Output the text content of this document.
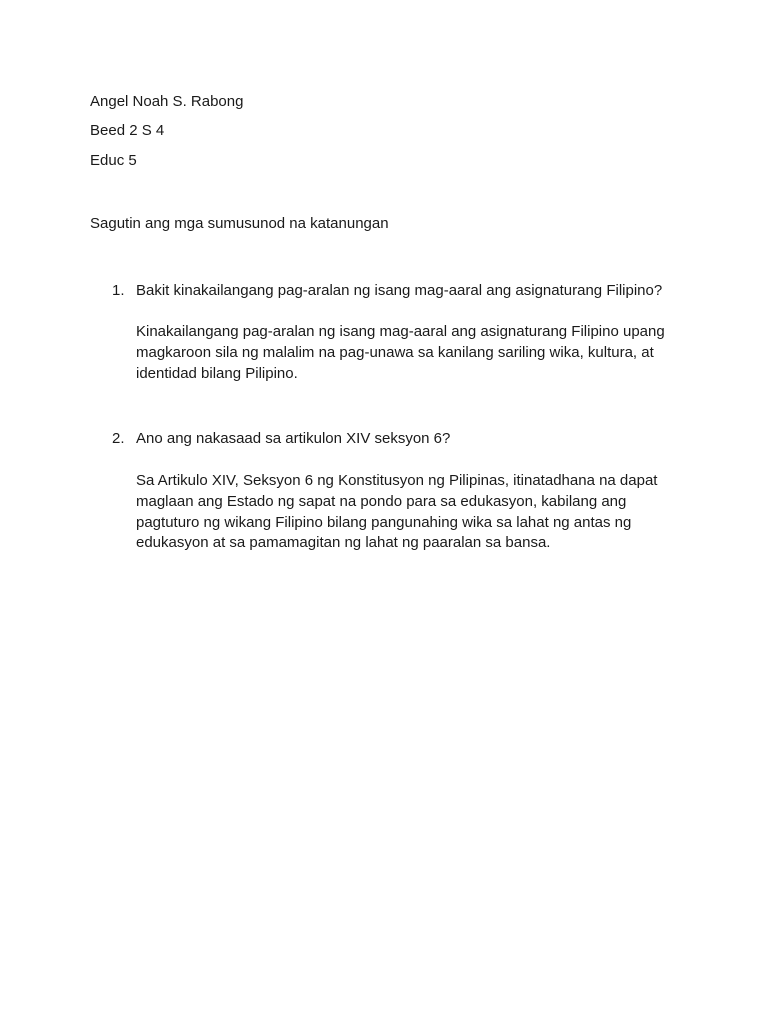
Angel Noah S. Rabong
Beed 2 S 4
Educ 5
Sagutin ang mga sumusunod na katanungan
1. Bakit kinakailangang pag-aralan ng isang mag-aaral ang asignaturang Filipino?
Kinakailangang pag-aralan ng isang mag-aaral ang asignaturang Filipino upang magkaroon sila ng malalim na pag-unawa sa kanilang sariling wika, kultura, at identidad bilang Pilipino.
2. Ano ang nakasaad sa artikulon XIV seksyon 6?
Sa Artikulo XIV, Seksyon 6 ng Konstitusyon ng Pilipinas, itinatadhana na dapat maglaan ang Estado ng sapat na pondo para sa edukasyon, kabilang ang pagtuturo ng wikang Filipino bilang pangunahing wika sa lahat ng antas ng edukasyon at sa pamamagitan ng lahat ng paaralan sa bansa.
